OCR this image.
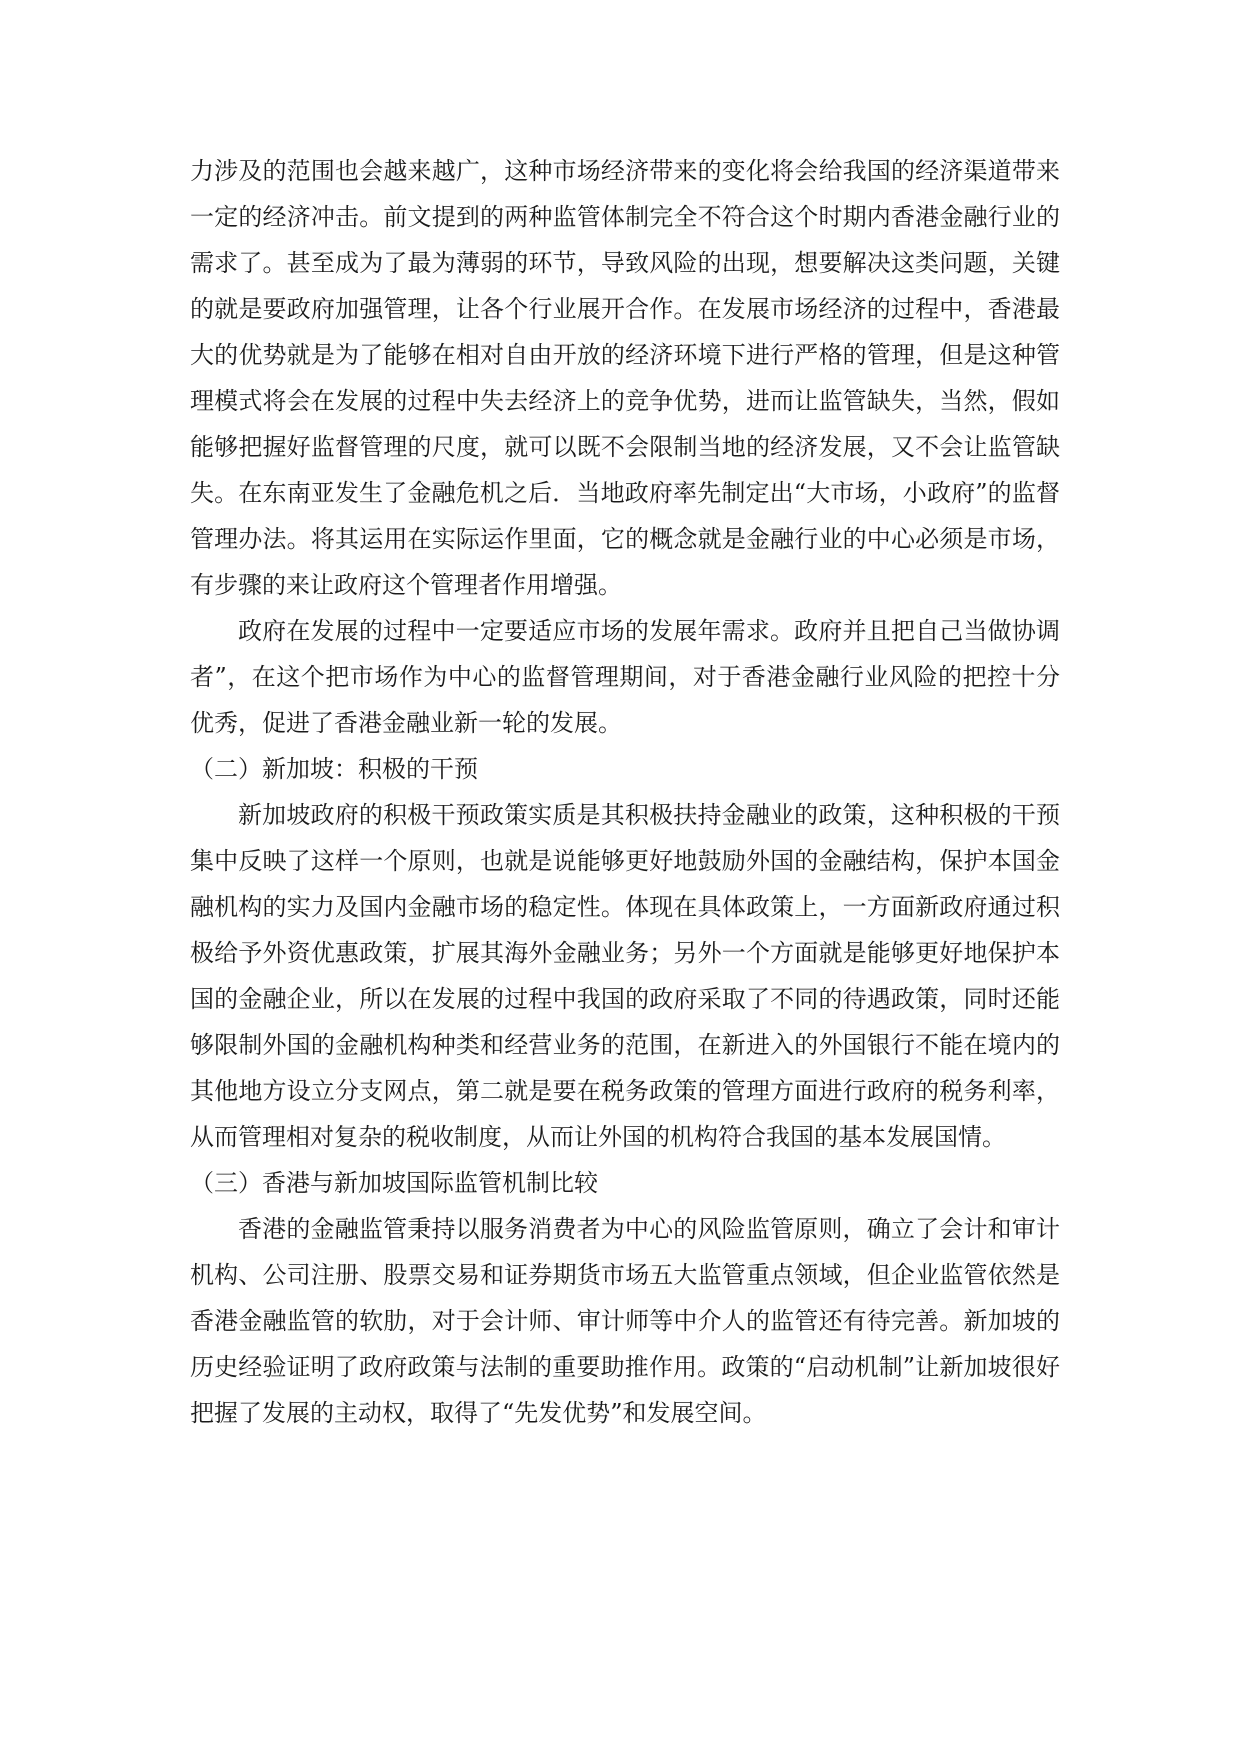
力涉及的范围也会越来越广，这种市场经济带来的变化将会给我国的经济渠道带来一定的经济冲击。前文提到的两种监管体制完全不符合这个时期内香港金融行业的需求了。甚至成为了最为薄弱的环节，导致风险的出现，想要解决这类问题，关键的就是要政府加强管理，让各个行业展开合作。在发展市场经济的过程中，香港最大的优势就是为了能够在相对自由开放的经济环境下进行严格的管理，但是这种管理模式将会在发展的过程中失去经济上的竞争优势，进而让监管缺失，当然，假如能够把握好监督管理的尺度，就可以既不会限制当地的经济发展，又不会让监管缺失。在东南亚发生了金融危机之后．当地政府率先制定出“大市场，小政府”的监督管理办法。将其运用在实际运作里面，它的概念就是金融行业的中心必须是市场，有步骤的来让政府这个管理者作用增强。

政府在发展的过程中一定要适应市场的发展年需求。政府并且把自己当做协调者”，在这个把市场作为中心的监督管理期间，对于香港金融行业风险的把控十分优秀，促进了香港金融业新一轮的发展。

（二）新加坡：积极的干预

新加坡政府的积极干预政策实质是其积极扶持金融业的政策，这种积极的干预集中反映了这样一个原则，也就是说能够更好地鼓励外国的金融结构，保护本国金融机构的实力及国内金融市场的稳定性。体现在具体政策上，一方面新政府通过积极给予外资优惠政策，扩展其海外金融业务；另外一个方面就是能够更好地保护本国的金融企业，所以在发展的过程中我国的政府采取了不同的待遇政策，同时还能够限制外国的金融机构种类和经营业务的范围，在新进入的外国银行不能在境内的其他地方设立分支网点，第二就是要在税务政策的管理方面进行政府的税务利率，从而管理相对复杂的税收制度，从而让外国的机构符合我国的基本发展国情。

（三）香港与新加坡国际监管机制比较

香港的金融监管秉持以服务消费者为中心的风险监管原则，确立了会计和审计机构、公司注册、股票交易和证券期货市场五大监管重点领域，但企业监管依然是香港金融监管的软肋，对于会计师、审计师等中介人的监管还有待完善。新加坡的历史经验证明了政府政策与法制的重要助推作用。政策的“启动机制”让新加坡很好把握了发展的主动权，取得了“先发优势”和发展空间。
